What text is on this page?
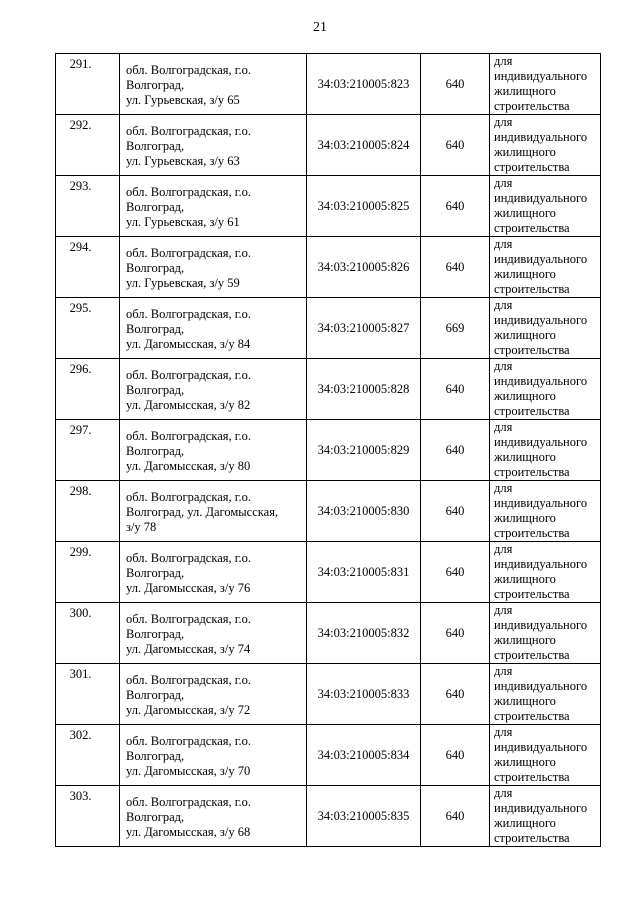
21
291.	обл. Волгоградская, г.о.
Волгоград,
ул. Гурьевская, з/у 65	34:03:210005:823	640	для
индивидуального
жилищного
строительства

292.	обл. Волгоградская, г.о.
Волгоград,
ул. Гурьевская, з/у 63	34:03:210005:824	640	для
индивидуального
жилищного
строительства

293.	обл. Волгоградская, г.о.
Волгоград,
ул. Гурьевская, з/у 61	34:03:210005:825	640	для
индивидуального
жилищного
строительства

294.	обл. Волгоградская, г.о.
Волгоград,
ул. Гурьевская, з/у 59	34:03:210005:826	640	для
индивидуального
жилищного
строительства

295.	обл. Волгоградская, г.о.
Волгоград,
ул. Дагомысская, з/у 84	34:03:210005:827	669	для
индивидуального
жилищного
строительства

296.	обл. Волгоградская, г.о.
Волгоград,
ул. Дагомысская, з/у 82	34:03:210005:828	640	для
индивидуального
жилищного
строительства

297.	обл. Волгоградская, г.о.
Волгоград,
ул. Дагомысская, з/у 80	34:03:210005:829	640	для
индивидуального
жилищного
строительства

298.	обл. Волгоградская, г.о.
Волгоград, ул. Дагомысская,
з/у 78	34:03:210005:830	640	для
индивидуального
жилищного
строительства

299.	обл. Волгоградская, г.о.
Волгоград,
ул. Дагомысская, з/у 76	34:03:210005:831	640	для
индивидуального
жилищного
строительства

300.	обл. Волгоградская, г.о.
Волгоград,
ул. Дагомысская, з/у 74	34:03:210005:832	640	для
индивидуального
жилищного
строительства

301.	обл. Волгоградская, г.о.
Волгоград,
ул. Дагомысская, з/у 72	34:03:210005:833	640	для
индивидуального
жилищного
строительства

302.	обл. Волгоградская, г.о.
Волгоград,
ул. Дагомысская, з/у 70	34:03:210005:834	640	для
индивидуального
жилищного
строительства

303.	обл. Волгоградская, г.о.
Волгоград,
ул. Дагомысская, з/у 68	34:03:210005:835	640	для
индивидуального
жилищного
строительства
